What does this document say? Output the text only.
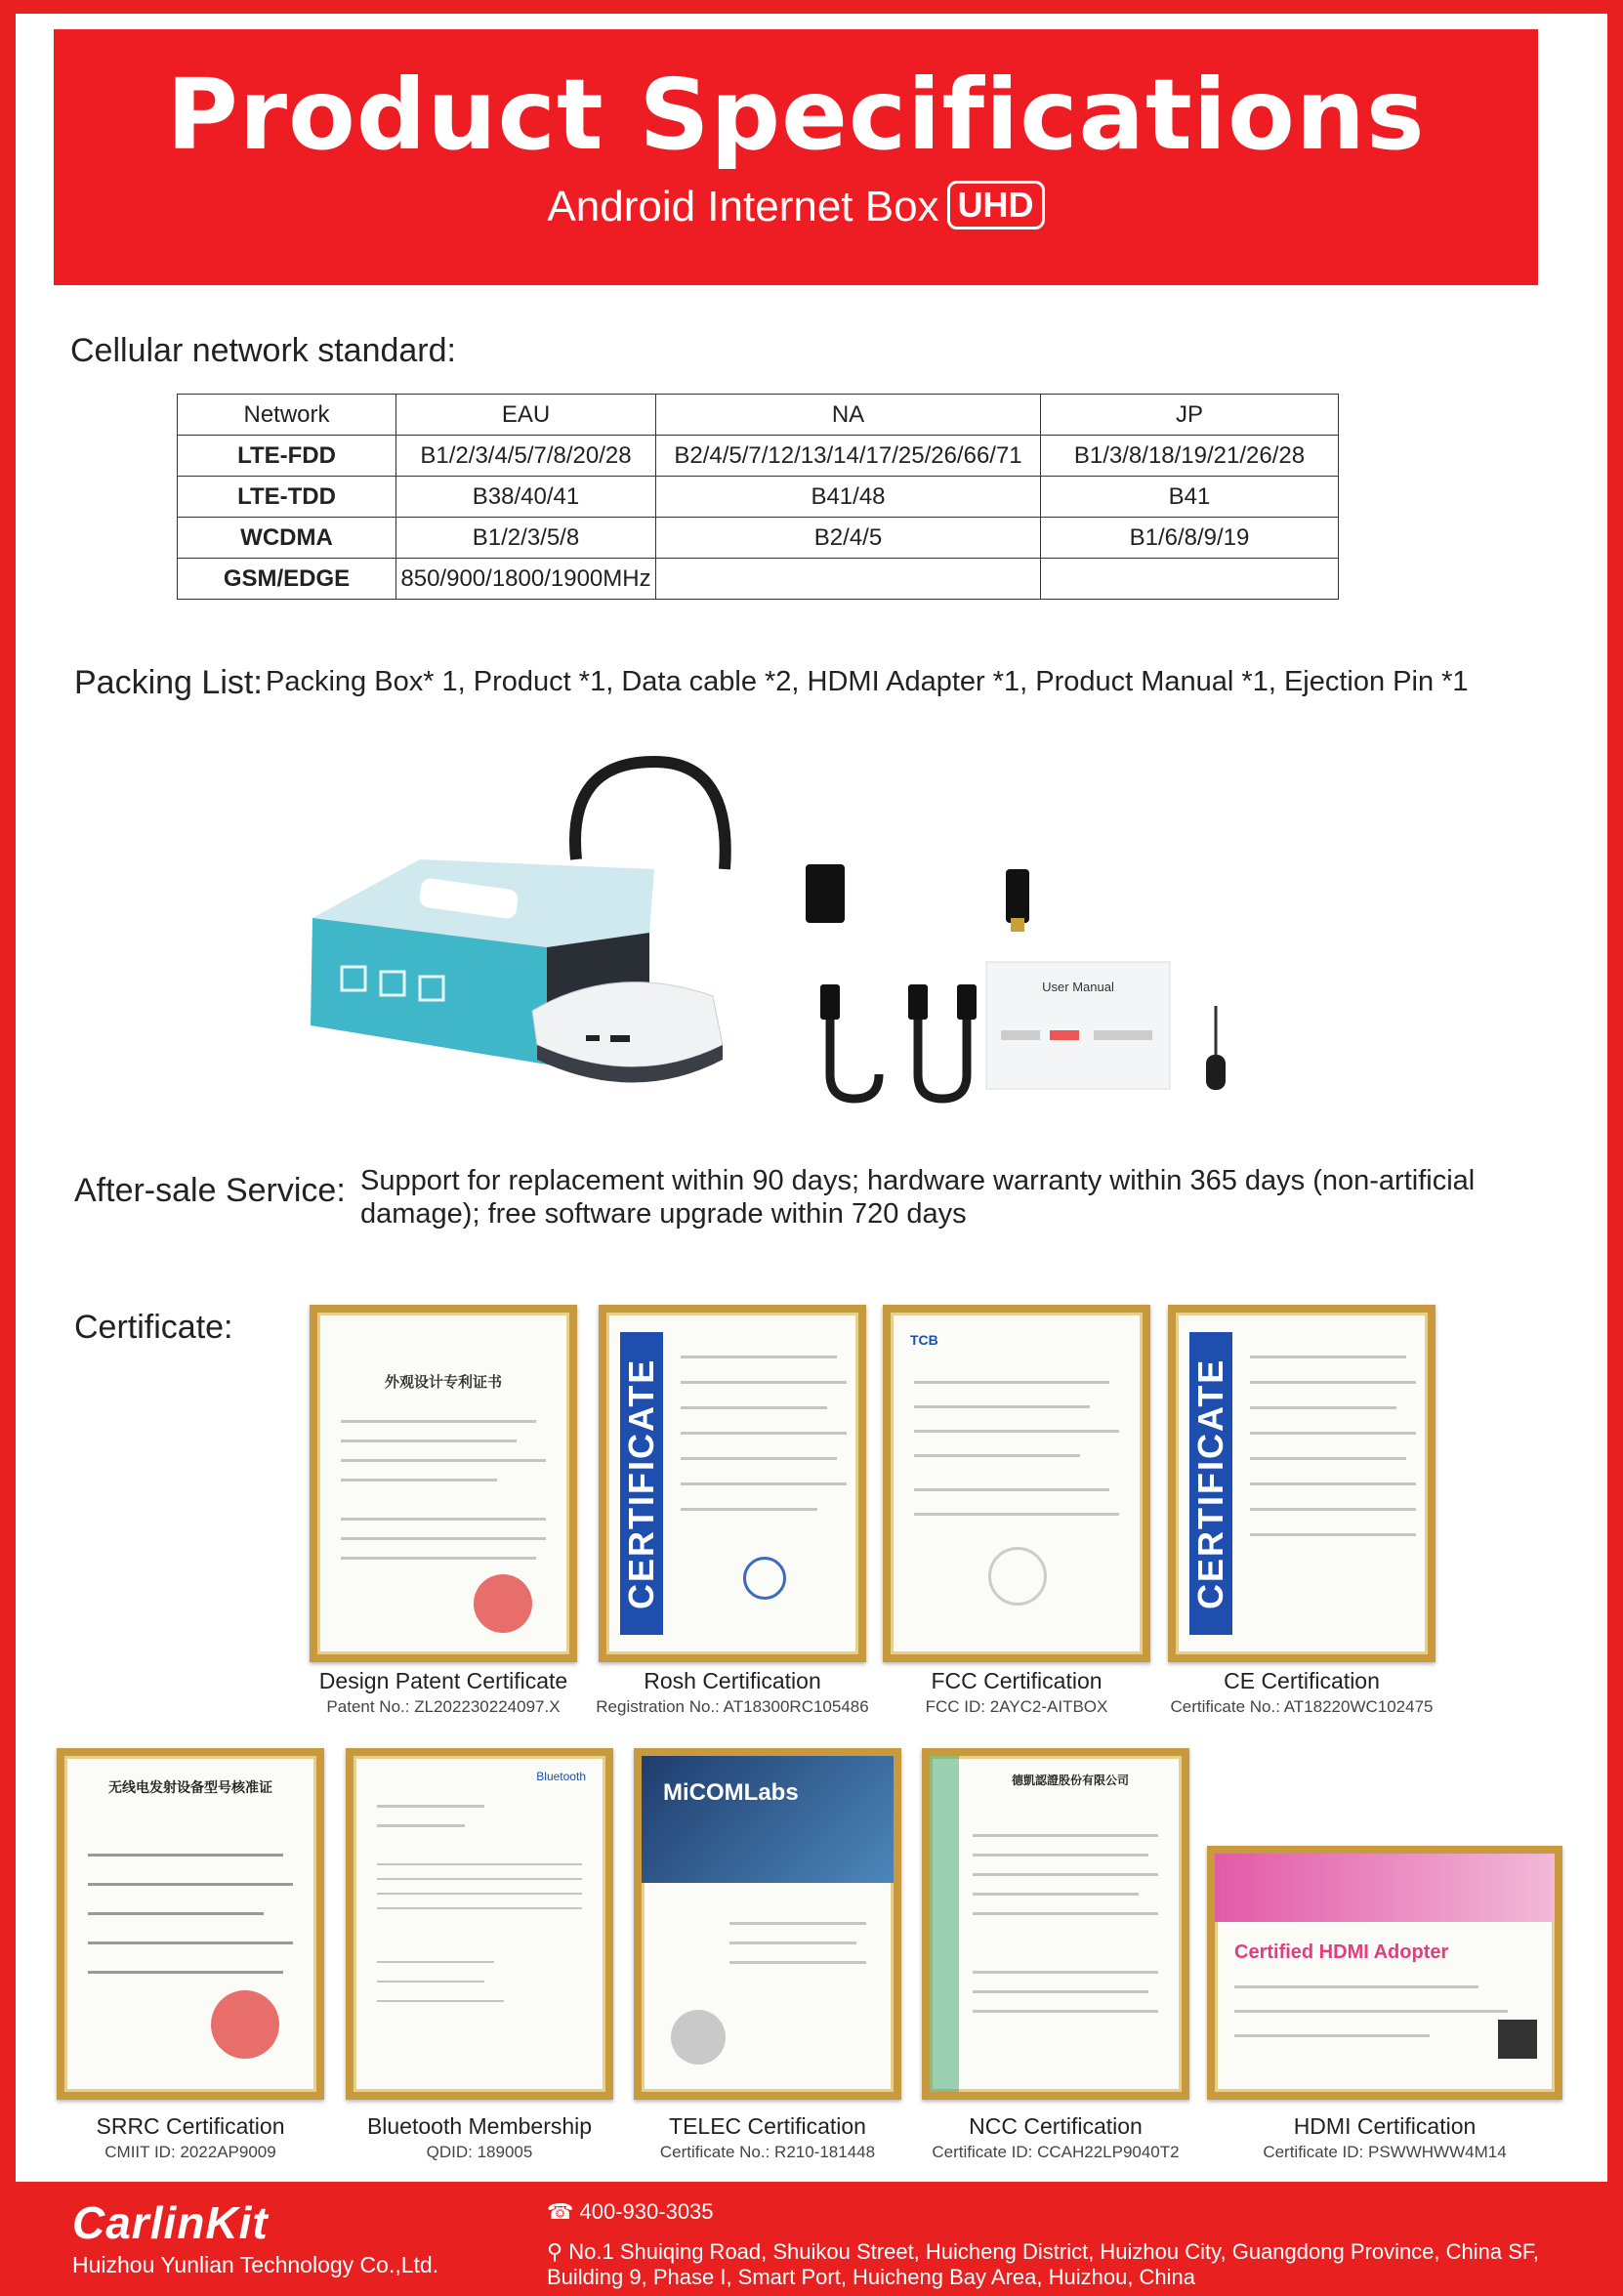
Product Specifications
Android Internet Box UHD
Cellular network standard:
Network	EAU	NA	JP
LTE-FDD	B1/2/3/4/5/7/8/20/28	B2/4/5/7/12/13/14/17/25/26/66/71	B1/3/8/18/19/21/26/28
LTE-TDD	B38/40/41	B41/48	B41
WCDMA	B1/2/3/5/8	B2/4/5	B1/6/8/9/19
GSM/EDGE	850/900/1800/1900MHz		
Packing List: Packing Box* 1, Product *1, Data cable *2, HDMI Adapter *1, Product Manual *1, Ejection Pin *1
User Manual
After-sale Service: Support for replacement within 90 days; hardware warranty within 365 days (non-artificial damage); free software upgrade within 720 days
Certificate:
外观设计专利证书	CERTIFICATE
TCB
CERTIFICATE
Design Patent Certificate
Patent No.: ZL202230224097.X
Rosh Certification
Registration No.: AT18300RC105486
FCC Certification
FCC ID: 2AYC2-AITBOX
CE Certification
Certificate No.: AT18220WC102475
无线电发射设备型号核准证
Bluetooth
MiCOMLabs	德凱認證股份有限公司
Certified HDMI Adopter
SRRC Certification
CMIIT ID: 2022AP9009
Bluetooth Membership
QDID: 189005
TELEC Certification
Certificate No.: R210-181448
NCC Certification
Certificate ID: CCAH22LP9040T2
HDMI Certification
Certificate ID: PSWWHWW4M14
CarlinKit
Huizhou Yunlian Technology Co.,Ltd.
☎ 400-930-3035
⚲ No.1 Shuiqing Road, Shuikou Street, Huicheng District, Huizhou City, Guangdong Province, China SF, Building 9, Phase I, Smart Port, Huicheng Bay Area, Huizhou, China
